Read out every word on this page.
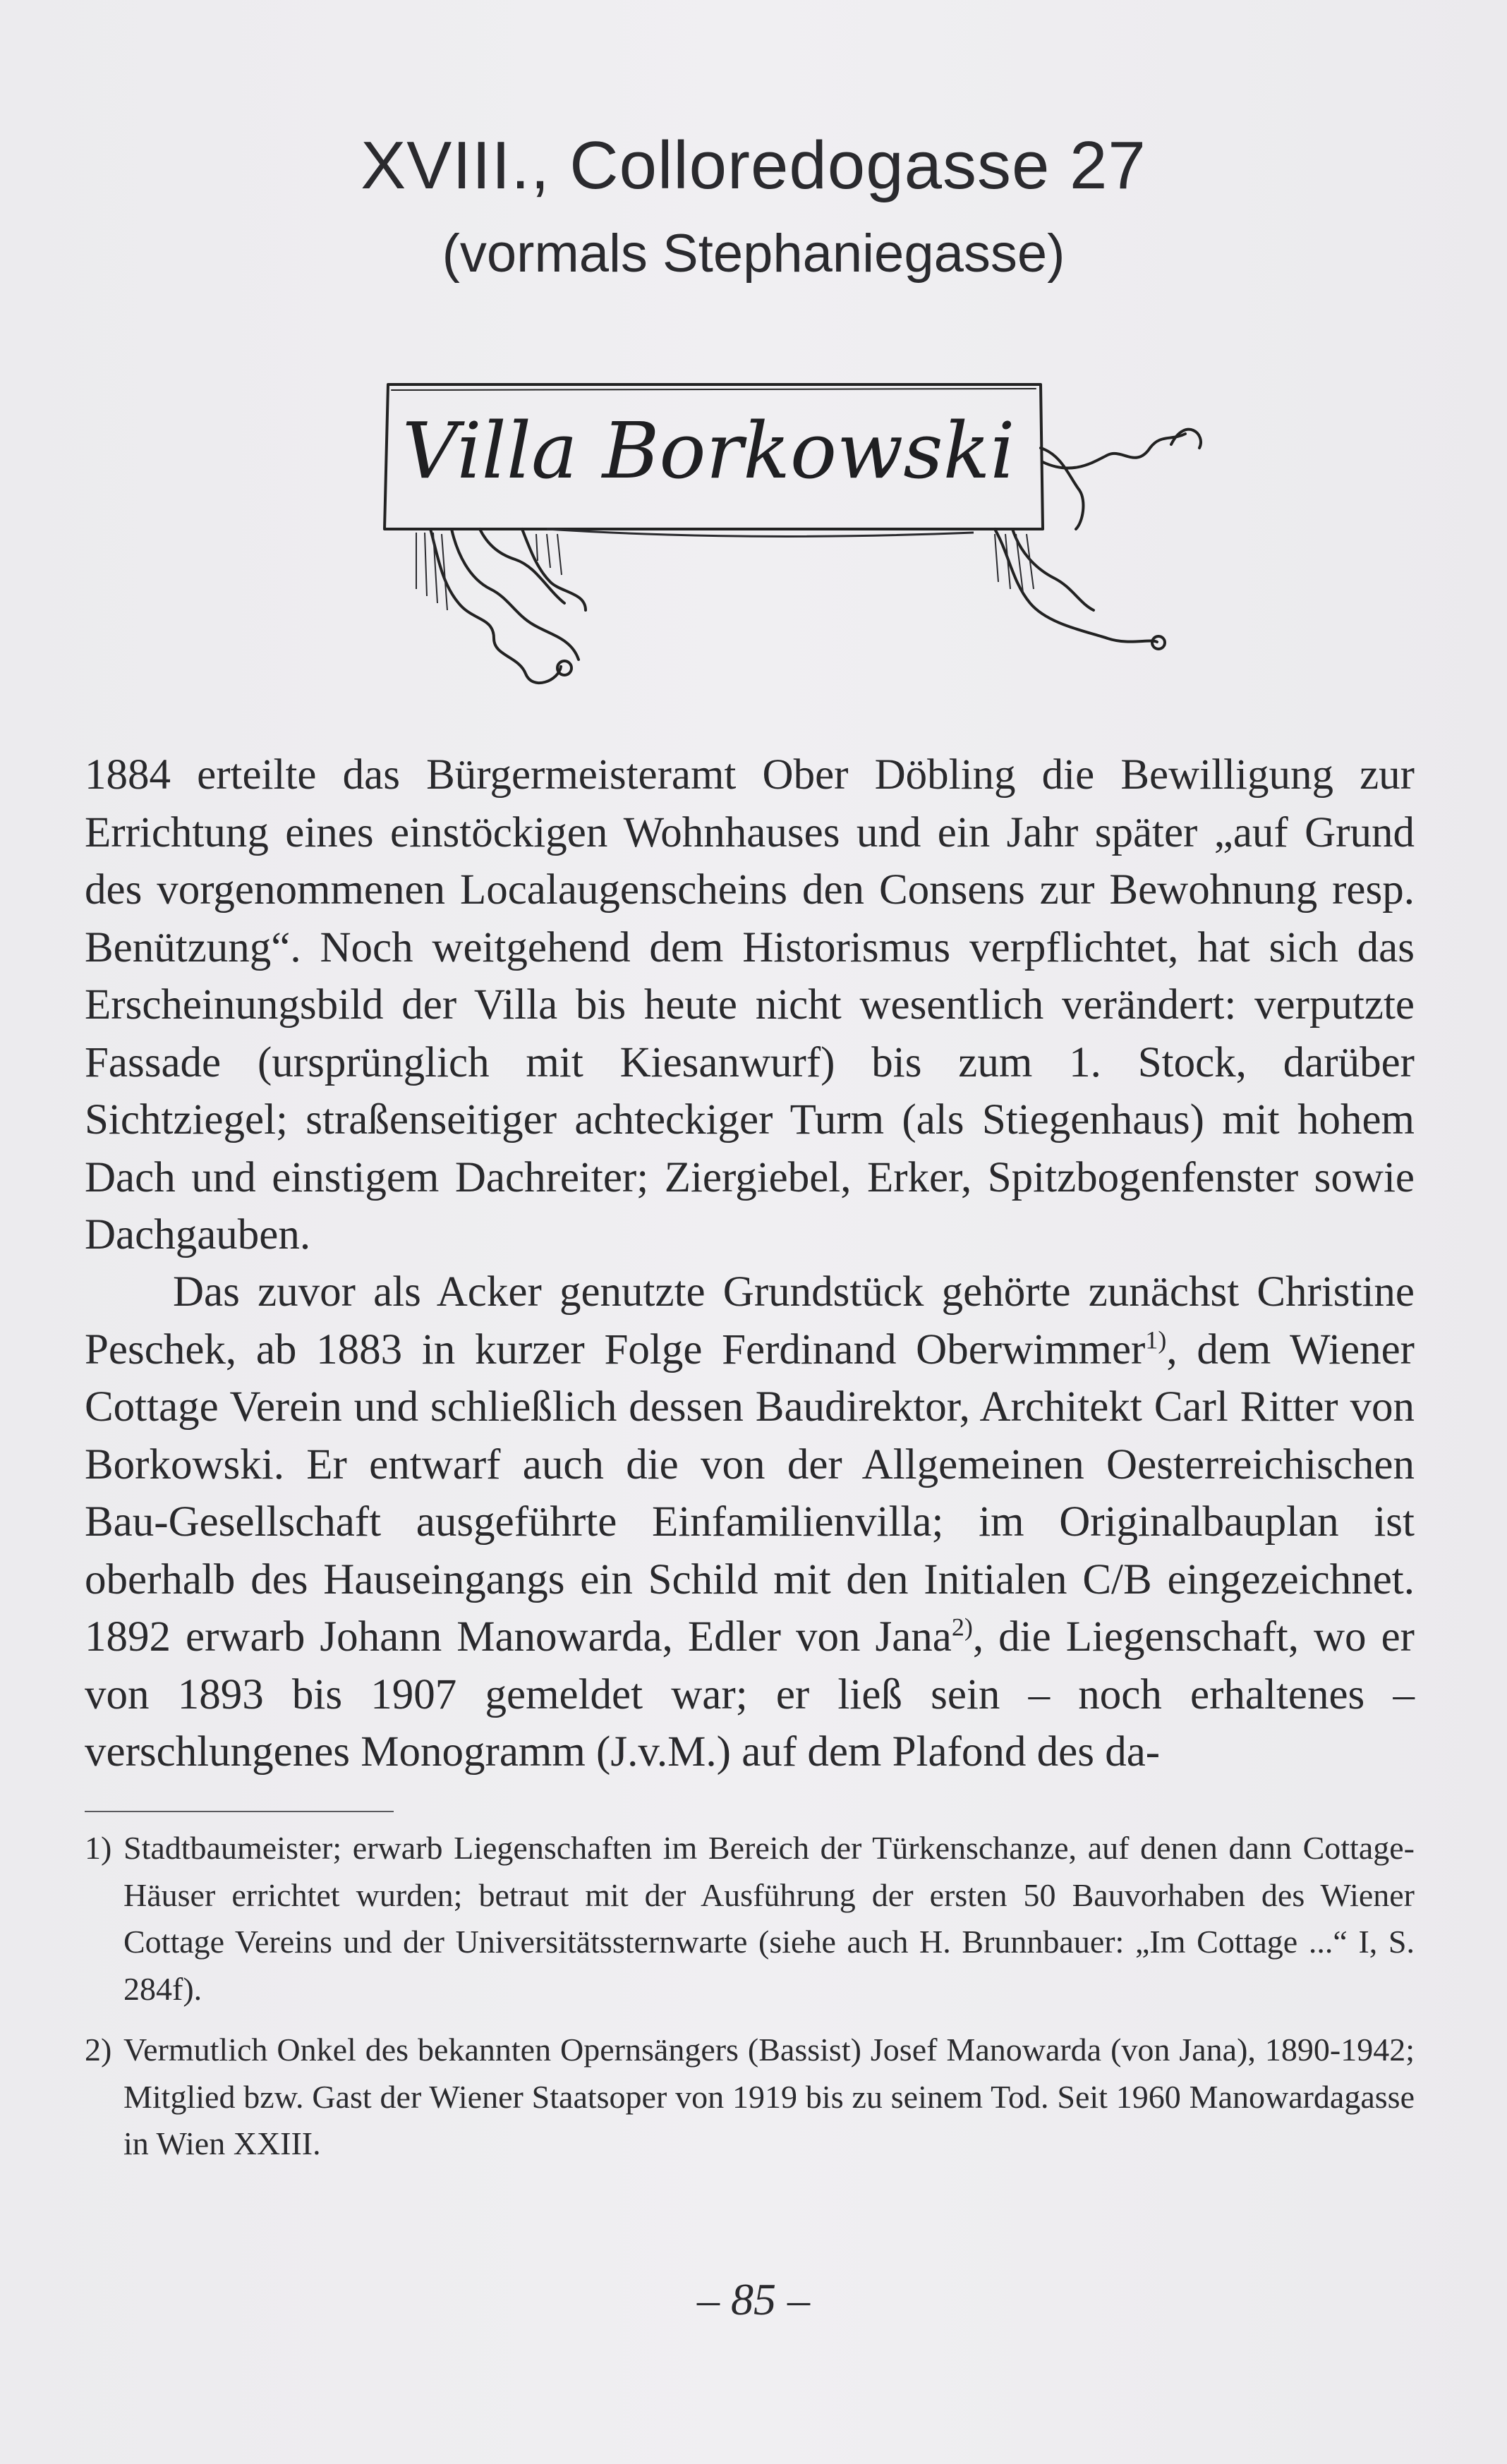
XVIII., Colloredogasse 27
(vormals Stephaniegasse)
Villa Borkowski

1884 erteilte das Bürgermeisteramt Ober Döbling die Bewilligung zur Errichtung eines einstöckigen Wohnhauses und ein Jahr später „auf Grund des vorgenommenen Localaugenscheins den Consens zur Bewohnung resp. Benützung“. Noch weitgehend dem Historismus verpflichtet, hat sich das Erscheinungsbild der Villa bis heute nicht wesentlich verändert: verputzte Fassade (ursprünglich mit Kiesanwurf) bis zum 1. Stock, darüber Sichtziegel; straßenseitiger achteckiger Turm (als Stiegenhaus) mit hohem Dach und einstigem Dachreiter; Ziergiebel, Erker, Spitzbogenfenster sowie Dachgauben.

Das zuvor als Acker genutzte Grundstück gehörte zunächst Christine Peschek, ab 1883 in kurzer Folge Ferdinand Oberwimmer$^{1)}$, dem Wiener Cottage Verein und schließlich dessen Baudirektor, Architekt Carl Ritter von Borkowski. Er entwarf auch die von der Allgemeinen Oesterreichischen Bau-Gesellschaft ausgeführte Einfamilienvilla; im Originalbauplan ist oberhalb des Hauseingangs ein Schild mit den Initialen C/B eingezeichnet. 1892 erwarb Johann Manowarda, Edler von Jana$^{2)}$, die Liegenschaft, wo er von 1893 bis 1907 gemeldet war; er ließ sein – noch erhaltenes – verschlungenes Monogramm (J.v.M.) auf dem Plafond des da-

1) Stadtbaumeister; erwarb Liegenschaften im Bereich der Türkenschanze, auf denen dann Cottage-Häuser errichtet wurden; betraut mit der Ausführung der ersten 50 Bauvorhaben des Wiener Cottage Vereins und der Universitätssternwarte (siehe auch H. Brunnbauer: „Im Cottage ...“ I, S. 284f).
2) Vermutlich Onkel des bekannten Opernsängers (Bassist) Josef Manowarda (von Jana), 1890-1942; Mitglied bzw. Gast der Wiener Staatsoper von 1919 bis zu seinem Tod. Seit 1960 Manowardagasse in Wien XXIII.

– 85 –
